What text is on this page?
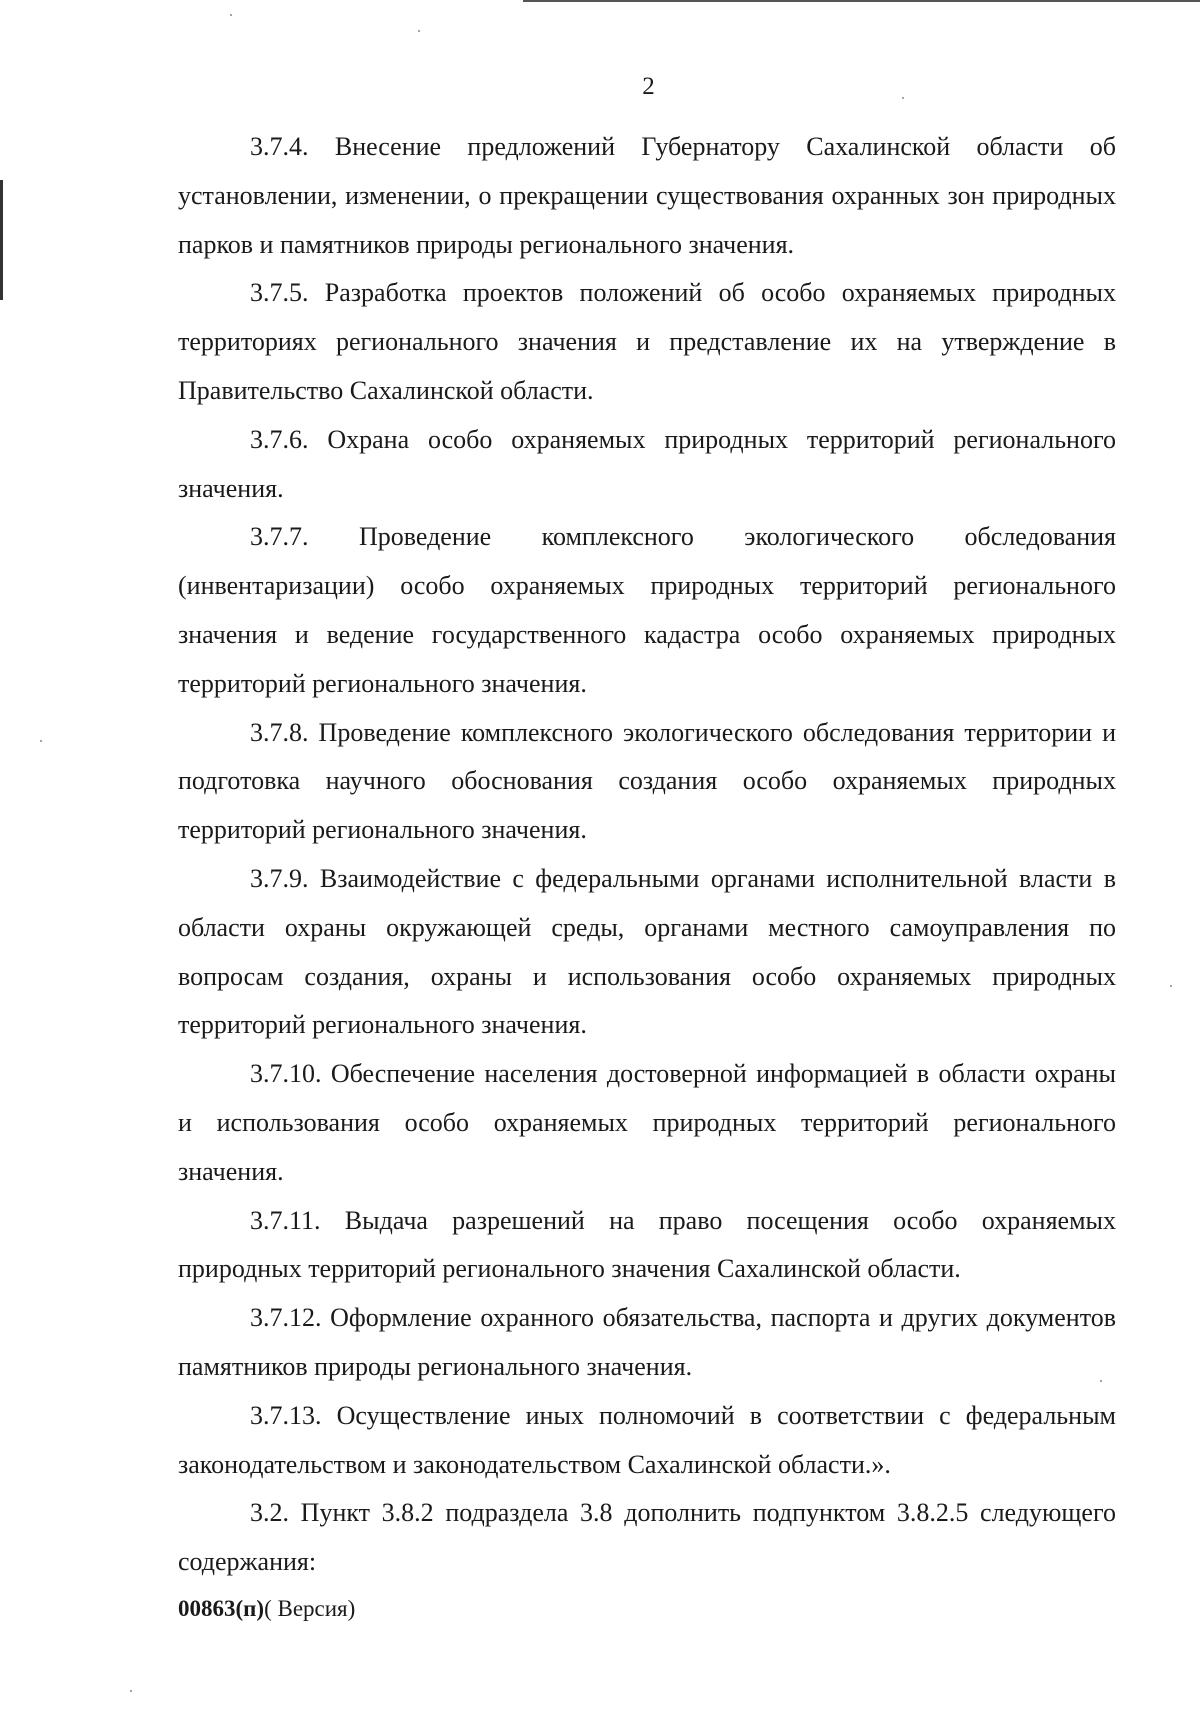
2

3.7.4. Внесение предложений Губернатору Сахалинской области об установлении, изменении, о прекращении существования охранных зон природных парков и памятников природы регионального значения.

3.7.5. Разработка проектов положений об особо охраняемых природных территориях регионального значения и представление их на утверждение в Правительство Сахалинской области.

3.7.6. Охрана особо охраняемых природных территорий регионального значения.

3.7.7. Проведение комплексного экологического обследования (инвентаризации) особо охраняемых природных территорий регионального значения и ведение государственного кадастра особо охраняемых природных территорий регионального значения.

3.7.8. Проведение комплексного экологического обследования территории и подготовка научного обоснования создания особо охраняемых природных территорий регионального значения.

3.7.9. Взаимодействие с федеральными органами исполнительной власти в области охраны окружающей среды, органами местного самоуправления по вопросам создания, охраны и использования особо охраняемых природных территорий регионального значения.

3.7.10. Обеспечение населения достоверной информацией в области охраны и использования особо охраняемых природных территорий регионального значения.

3.7.11. Выдача разрешений на право посещения особо охраняемых природных территорий регионального значения Сахалинской области.

3.7.12. Оформление охранного обязательства, паспорта и других документов памятников природы регионального значения.

3.7.13. Осуществление иных полномочий в соответствии с федеральным законодательством и законодательством Сахалинской области.».

3.2. Пункт 3.8.2 подраздела 3.8 дополнить подпунктом 3.8.2.5 следующего содержания:

00863(п)( Версия)
